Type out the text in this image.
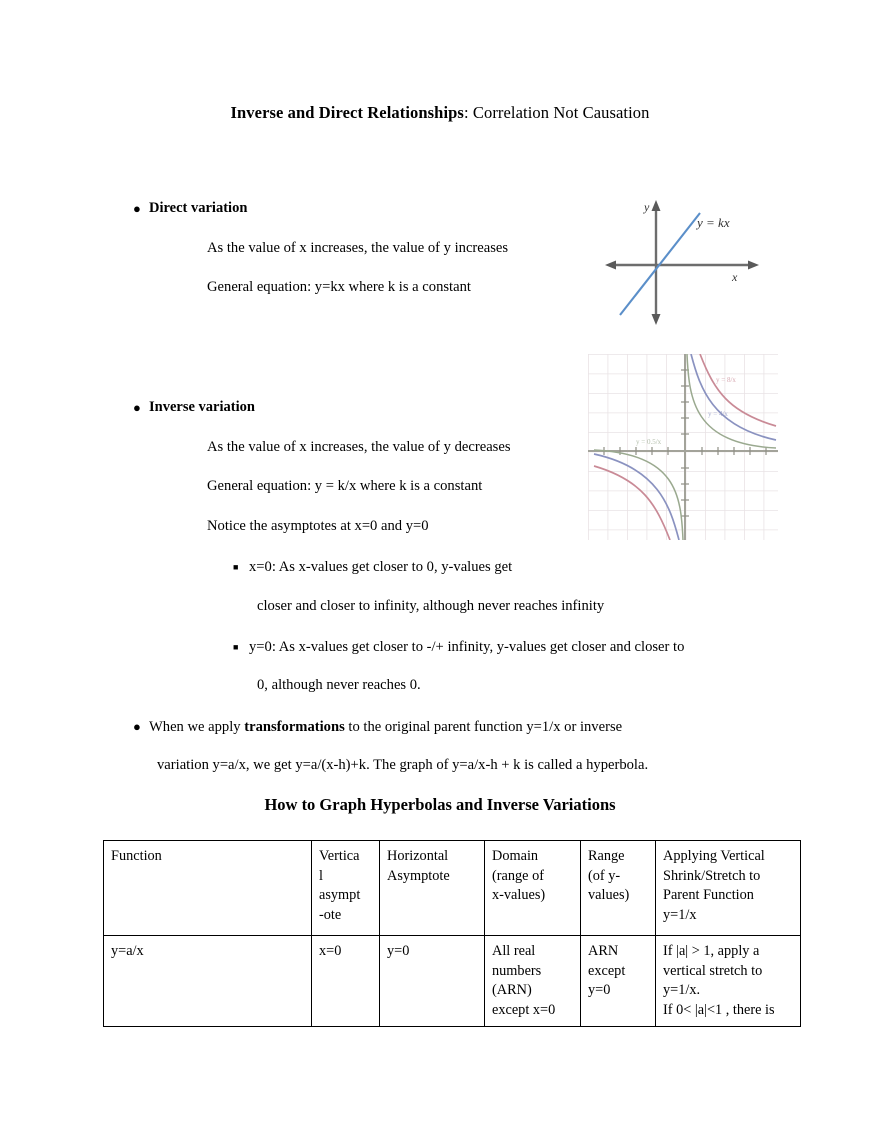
Inverse and Direct Relationships: Correlation Not Causation
● Direct variation
As the value of x increases, the value of y increases
General equation: y=kx where k is a constant
y
x
y = kx
● Inverse variation
As the value of x increases, the value of y decreases
General equation: y = k/x where k is a constant
Notice the asymptotes at x=0 and y=0
y = 8/x
y = 4/x
y = 0.5/x
■ x=0: As x-values get closer to 0, y-values get
closer and closer to infinity, although never reaches infinity
■ y=0: As x-values get closer to -/+ infinity, y-values get closer and closer to
0, although never reaches 0.
● When we apply transformations to the original parent function y=1/x or inverse
variation y=a/x, we get y=a/(x-h)+k. The graph of y=a/x-h + k is called a hyperbola.
How to Graph Hyperbolas and Inverse Variations
Function	Vertica
l
asympt
-ote	Horizontal
Asymptote	Domain
(range of
x-values)	Range
(of y-
values)	Applying Vertical
Shrink/Stretch to
Parent Function
y=1/x

y=a/x	x=0	y=0	All real
numbers
(ARN)
except x=0	ARN
except
y=0	If |a| > 1, apply a
vertical stretch to
y=1/x.
If 0< |a|<1 , there is
